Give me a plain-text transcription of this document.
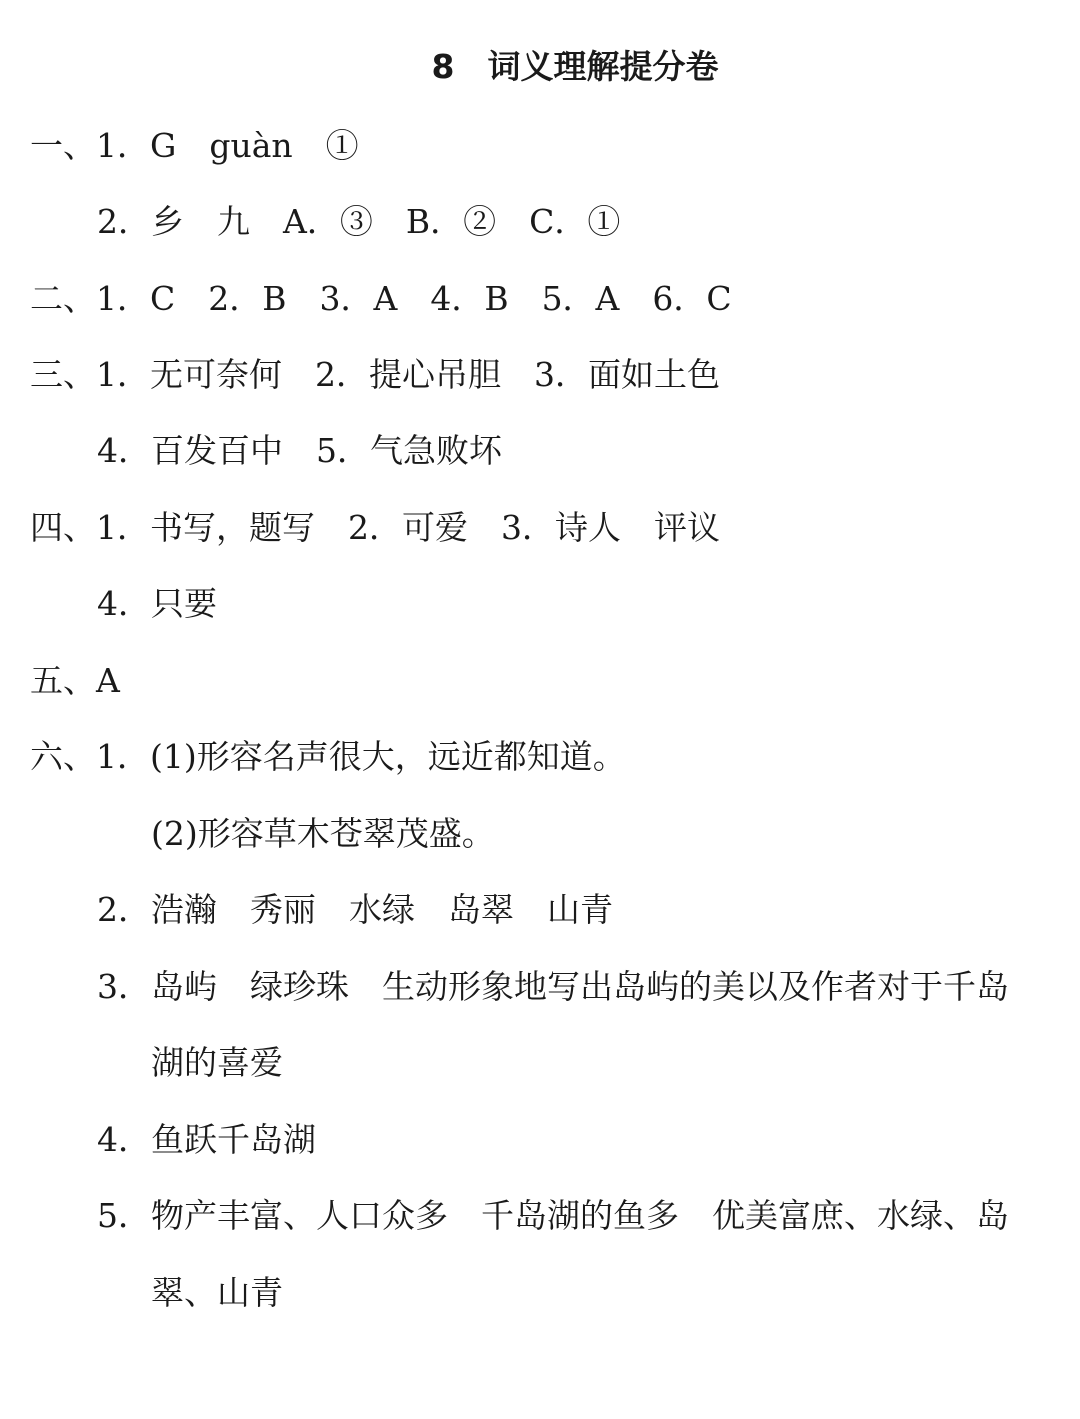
8　词义理解提分卷
一、1．G　guàn　①
2．乡　九　A．③　B．②　C．①
二、1．C　2．B　3．A　4．B　5．A　6．C
三、1．无可奈何　2．提心吊胆　3．面如土色
4．百发百中　5．气急败坏
四、1．书写，题写　2．可爱　3．诗人　评议
4．只要
五、A
六、1．(1)形容名声很大，远近都知道。
(2)形容草木苍翠茂盛。
2．浩瀚　秀丽　水绿　岛翠　山青
3．岛屿　绿珍珠　生动形象地写出岛屿的美以及作者对于千岛
湖的喜爱
4．鱼跃千岛湖
5．物产丰富、人口众多　千岛湖的鱼多　优美富庶、水绿、岛
翠、山青
